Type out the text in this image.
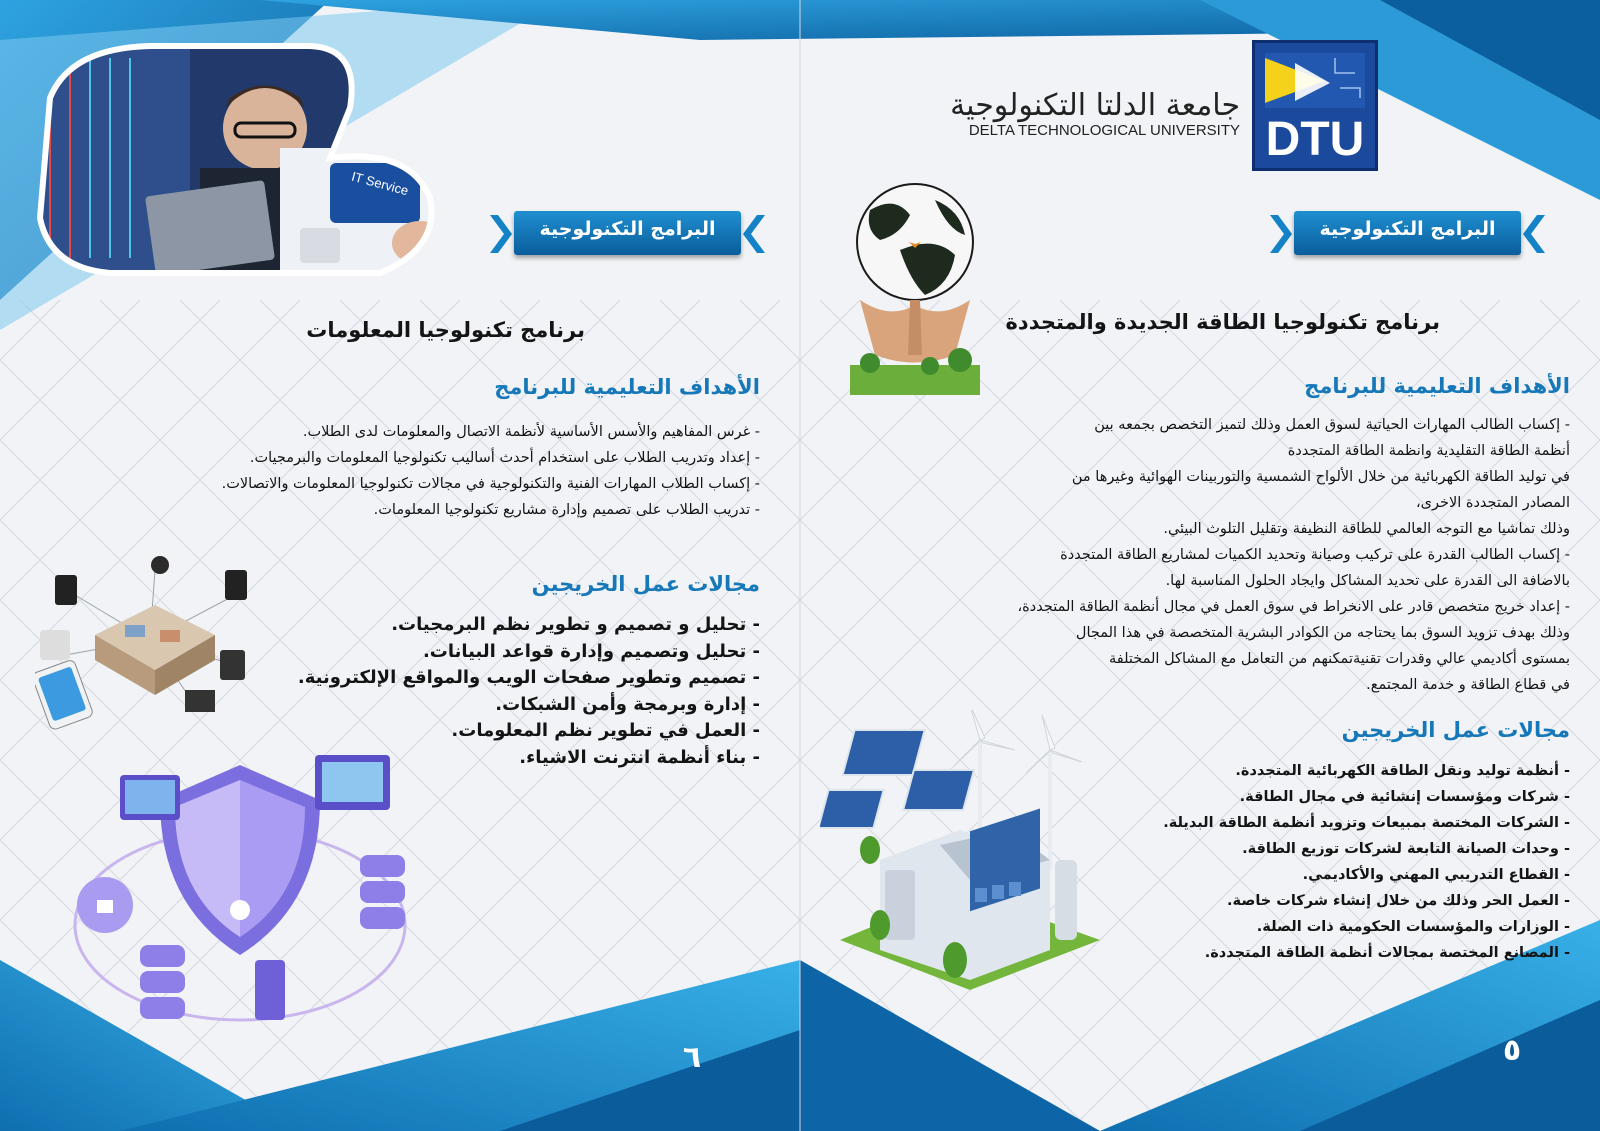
IT Service
DTU
جامعة الدلتا التكنولوجية
DELTA TECHNOLOGICAL UNIVERSITY
البرامج التكنولوجية	البرامج التكنولوجية
برنامج تكنولوجيا المعلومات
الأهداف التعليمية للبرنامج
- غرس المفاهيم والأسس الأساسية لأنظمة الاتصال والمعلومات لدى الطلاب.
- إعداد وتدريب الطلاب على استخدام أحدث أساليب تكنولوجيا المعلومات والبرمجيات.
- إكساب الطلاب المهارات الفنية والتكنولوجية في مجالات تكنولوجيا المعلومات والاتصالات.
- تدريب الطلاب على تصميم وإدارة مشاريع تكنولوجيا المعلومات.
مجالات عمل الخريجين
- تحليل و تصميم و تطوير نظم البرمجيات.
- تحليل وتصميم وإدارة قواعد البيانات.
- تصميم وتطوير صفحات الويب والمواقع الإلكترونية.
- إدارة وبرمجة وأمن الشبكات.
- العمل في تطوير نظم المعلومات.
- بناء أنظمة انترنت الاشياء.
برنامج تكنولوجيا الطاقة الجديدة والمتجددة
الأهداف التعليمية للبرنامج
- إكساب الطالب المهارات الحياتية لسوق العمل وذلك لتميز التخصص بجمعه بين
أنظمة الطاقة التقليدية وانظمة الطاقة المتجددة
في توليد الطاقة الكهربائية من خلال الألواح الشمسية والتوربينات الهوائية وغيرها من
المصادر المتجددة الاخرى،
وذلك تماشيا مع التوجه العالمي للطاقة النظيفة وتقليل التلوث البيئي.
- إكساب الطالب القدرة على تركيب وصيانة وتحديد الكميات لمشاريع الطاقة المتجددة
بالاضافة الى القدرة على تحديد المشاكل وايجاد الحلول المناسبة لها.
- إعداد خريج متخصص قادر على الانخراط في سوق العمل في مجال أنظمة الطاقة المتجددة،
وذلك بهدف تزويد السوق بما يحتاجه من الكوادر البشرية المتخصصة في هذا المجال
بمستوى أكاديمي عالي وقدرات تقنيةتمكنهم من التعامل مع المشاكل المختلفة
في قطاع الطاقة و خدمة المجتمع.
مجالات عمل الخريجين
- أنظمة توليد ونقل الطاقة الكهربائية المتجددة.
- شركات ومؤسسات إنشائية في مجال الطاقة.
- الشركات المختصة بمبيعات وتزويد أنظمة الطاقة البديلة.
- وحدات الصيانة التابعة لشركات توزيع الطاقة.
- القطاع التدريبي المهني والأكاديمي.
- العمل الحر وذلك من خلال إنشاء شركات خاصة.
- الوزارات والمؤسسات الحكومية ذات الصلة.
- المصانع المختصة بمجالات أنظمة الطاقة المتجددة.
٦	٥
